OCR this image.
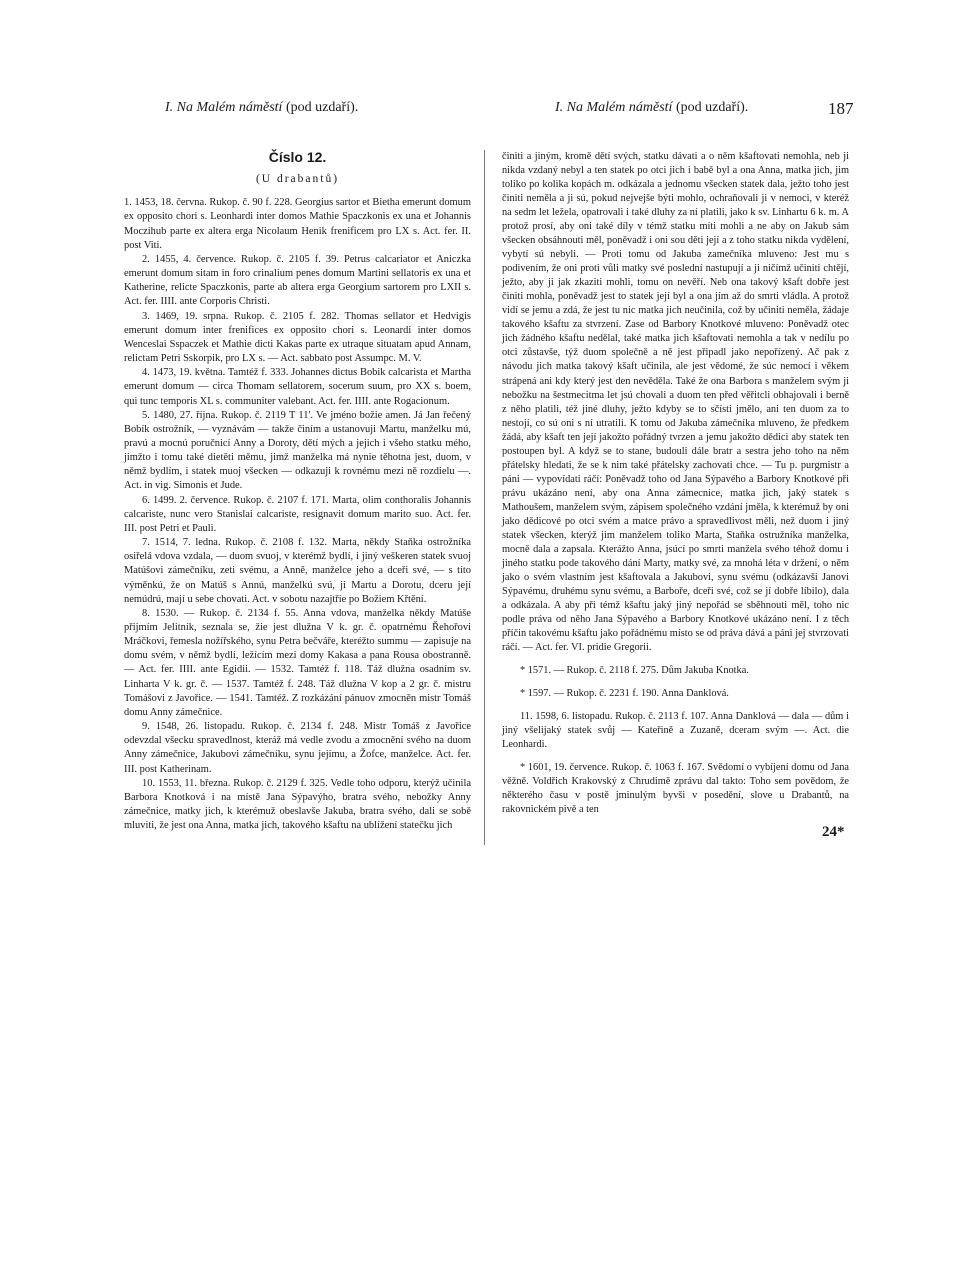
I. Na Malém náměstí (pod uzdaří).	I. Na Malém náměstí (pod uzdaří).	187
Číslo 12.
(U drabantů)

1. 1453, 18. června. Rukop. č. 90 f. 228. Georgius sartor et Bietha emerunt domum ex opposito chori s. Leonhardi inter domos Mathie Spaczkonis ex una et Johannis Moczihub parte ex altera erga Nicolaum Henik frenificem pro LX s. Act. fer. II. post Viti.

2. 1455, 4. července. Rukop. č. 2105 f. 39. Petrus calcariator et Aniczka emerunt domum sitam in foro crinalium penes domum Martini sellatoris ex una et Katherine, relicte Spaczkonis, parte ab altera erga Georgium sartorem pro LXII s. Act. fer. IIII. ante Corporis Christi.

3. 1469, 19. srpna. Rukop. č. 2105 f. 282. Thomas sellator et Hedvigis emerunt domum inter frenifices ex opposito chori s. Leonardi inter domos Wenceslai Sspaczek et Mathie dicti Kakas parte ex utraque situatam apud Annam, relictam Petri Sskorpik, pro LX s. — Act. sabbato post Assumpc. M. V.

4. 1473, 19. května. Tamtéž f. 333. Johannes dictus Bobik calcarista et Martha emerunt domum — circa Thomam sellatorem, socerum suum, pro XX s. boem, qui tunc temporis XL s. communiter valebant. Act. fer. IIII. ante Rogacionum.

5. 1480, 27. října. Rukop. č. 2119 T 11'. Ve jméno božie amen. Já Jan řečený Bobík ostrožník, — vyznávám — takže činím a ustanovuji Martu, manželku mú, pravú a mocnú poručnicí Anny a Doroty, dětí mých a jejich i všeho statku mého, jimžto i tomu také dietěti měmu, jimž manželka má nynie těhotna jest, duom, v němž bydlím, i statek muoj všecken — odkazuji k rovnému mezi ně rozdielu —. Act. in vig. Simonis et Jude.

6. 1499. 2. července. Rukop. č. 2107 f. 171. Marta, olim conthoralis Johannis calcariste, nunc vero Stanislai calcariste, resignavit domum marito suo. Act. fer. III. post Petri et Pauli.

7. 1514, 7. ledna. Rukop. č. 2108 f. 132. Marta, někdy Staňka ostrožníka osiřelá vdova vzdala, — duom svuoj, v kterémž bydlí, i jiný veškeren statek svuoj Matúšovi zámečníku, zeti svému, a Anně, manželce jeho a dceři své, — s títo výměnkú, že on Matúš s Annú, manželkú svú, ji Martu a Dorotu, dceru její nemúdrú, mají u sebe chovati. Act. v sobotu nazajtřie po Božiem Křtění.

8. 1530. — Rukop. č. 2134 f. 55. Anna vdova, manželka někdy Matúše přijmím Jelitník, seznala se, žie jest dlužna V k. gr. č. opatrnému Řehořovi Mráčkovi, řemesla nožířského, synu Petra bečváře, kteréžto summu — zapisuje na domu svém, v němž bydlí, ležícím mezi domy Kakasa a pana Rousa obostranně. — Act. fer. IIII. ante Egidii. — 1532. Tamtéž f. 118. Táž dlužna osadním sv. Linharta V k. gr. č. — 1537. Tamtéž f. 248. Táž dlužna V kop a 2 gr. č. mistru Tomášovi z Javořice. — 1541. Tamtéž. Z rozkázání pánuov zmocněn mistr Tomáš domu Anny zámečnice.

9. 1548, 26. listopadu. Rukop. č. 2134 f. 248. Mistr Tomáš z Javořice odevzdal všecku spravedlnost, kteráž má vedle zvodu a zmocnění svého na duom Anny zámečnice, Jakubovi zámečníku, synu jejímu, a Žofce, manželce. Act. fer. III. post Katherinam.

10. 1553, 11. března. Rukop. č. 2129 f. 325. Vedle toho odporu, kterýž učinila Barbora Knotková i na místě Jana Sýpavýho, bratra svého, nebožky Anny zámečnice, matky jich, k kterémuž obeslavše Jakuba, bratra svého, dali se sobě mluviti, že jest ona Anna, matka jich, takového kšaftu na ublížení statečku jich

činiti a jiným, kromě dětí svých, statku dávati a o něm kšaftovati nemohla, neb ji nikda vzdaný nebyl a ten statek po otci jich i babě byl a ona Anna, matka jich, jim toliko po kolika kopách m. odkázala a jednomu všecken statek dala, ježto toho jest činiti neměla a ji sú, pokud nejvejše býti mohlo, ochraňovali ji v nemoci, v kteréž na sedm let ležela, opatrovali i také dluhy za ní platili, jako k sv. Linhartu 6 k. m. A protož prosí, aby oni také díly v témž statku míti mohli a ne aby on Jakub sám všecken obsáhnouti měl, poněvadž i oni sou děti její a z toho statku nikda vydělení, vybytí sú nebyli. — Proti tomu od Jakuba zamečníka mluveno: Jest mu s podivením, že oni proti vůli matky své poslední nastupují a ji ničímž učiniti chtějí, ježto, aby ji jak zkaziti mohli, tomu on nevěří. Neb ona takový kšaft dobře jest činiti mohla, poněvadž jest to statek její byl a ona jím až do smrti vládla. A protož vidí se jemu a zdá, že jest tu nic matka jich neučinila, což by učiniti neměla, žádaje takového kšaftu za stvrzení. Zase od Barbory Knotkové mluveno: Poněvadž otec jich žádného kšaftu nedělal, také matka jich kšaftovati nemohla a tak v nedílu po otci zůstavše, týž duom společně a ně jest připadl jako nepořízený. Ač pak z návodu jich matka takový kšaft učinila, ale jest vědomé, že súc nemocí i věkem strápená ani kdy který jest den nevěděla. Také že ona Barbora s manželem svým ji nebožku na šestmecitma let jsú chovali a duom ten před věřitcli obhajovali i berně z něho platili, též jiné dluhy, ježto kdyby se to sčísti jmělo, ani ten duom za to nestojí, co sú oni s ní utratili. K tomu od Jakuba zámečníka mluveno, že předkem žádá, aby kšaft ten její jakožto pořádný tvrzen a jemu jakožto dědici aby statek ten postoupen byl. A když se to stane, budouli dále bratr a sestra jeho toho na něm přátelsky hledati, že se k nim také přátelsky zachovati chce. — Tu p. purgmistr a páni — vypovídati ráčí: Poněvadž toho od Jana Sýpavého a Barbory Knotkové při právu ukázáno není, aby ona Anna zámecnice, matka jich, jaký statek s Mathoušem, manželem svým, zápisem společného vzdání jměla, k kterémuž by oni jako dědicové po otci svém a matce právo a spravedlivost měli, než duom i jiný statek všecken, kterýž jim manželem toliko Marta, Staňka ostružníka manželka, mocně dala a zapsala. Kterážto Anna, jsúcí po smrti manžela svého téhož domu i jiného statku pode takového dání Marty, matky své, za mnohá léta v držení, o něm jako o svém vlastním jest kšaftovala a Jakubovi, synu svému (odkázavši Janovi Sýpavému, druhému synu svému, a Barboře, dceři své, což se jí dobře líbilo), dala a odkázala. A aby při témž kšaftu jaký jiný nepořád se sběhnouti měl, toho nic podle práva od něho Jana Sýpavého a Barbory Knotkové ukázáno není. I z těch příčin takovému kšaftu jako pořádnému místo se od práva dává a páni jej stvrzovati ráčí. — Act. fer. VI. pridie Gregorii.

* 1571. — Rukop. č. 2118 f. 275. Dům Jakuba Knotka.

* 1597. — Rukop. č. 2231 f. 190. Anna Danklová.

11. 1598, 6. listopadu. Rukop. č. 2113 f. 107. Anna Danklová — dala — dům i jiný všelijaký statek svůj — Kateřině a Zuzaně, dceram svým —. Act. die Leonhardi.

* 1601, 19. července. Rukop. č. 1063 f. 167. Svědomí o vybíjení domu od Jana věžně. Voldřich Krakovský z Chrudimě zprávu dal takto: Toho sem povědom, že některého času v postě jminulým byvši v posedění, slove u Drabantů, na rakovnickém pivě a ten

24*
